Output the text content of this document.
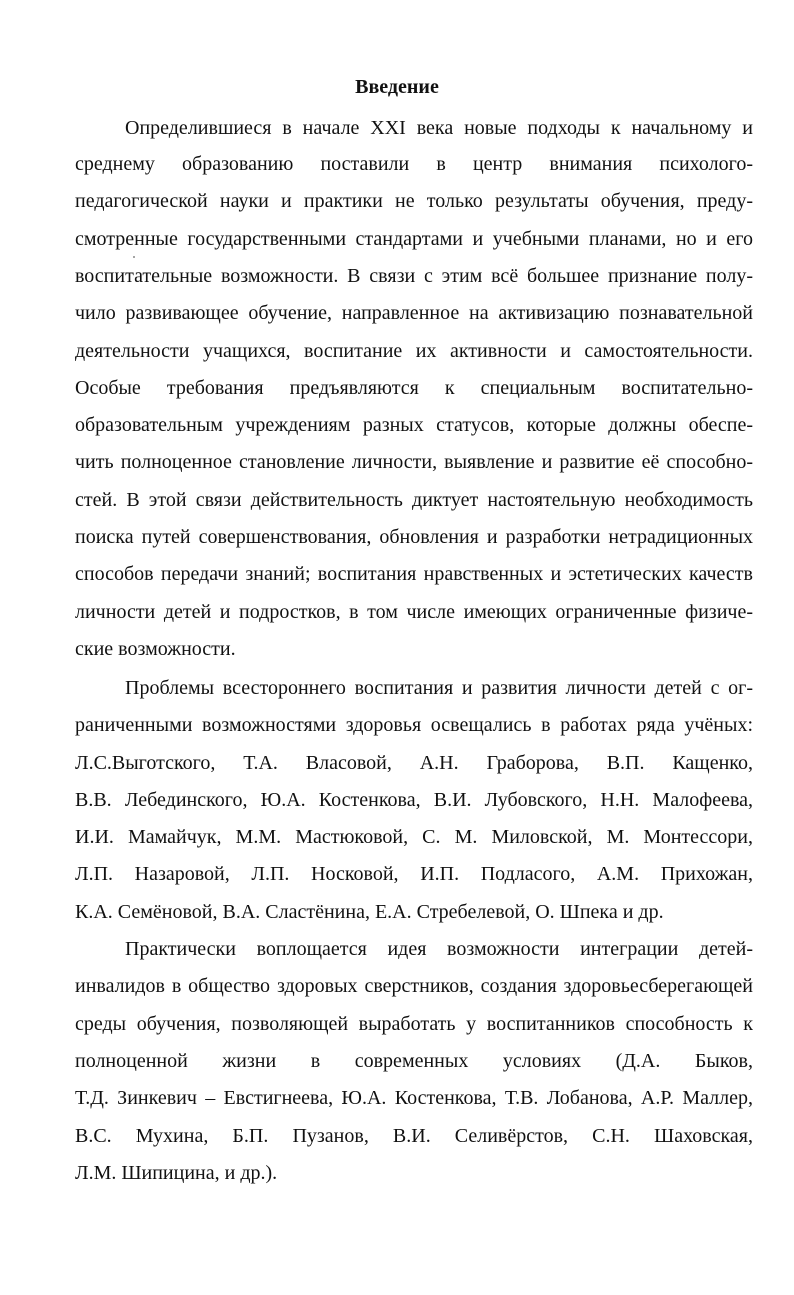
Введение
Определившиеся в начале XXI века новые подходы к начальному и
среднему образованию поставили в центр внимания психолого-
педагогической науки и практики не только результаты обучения, преду-
смотренные государственными стандартами и учебными планами, но и его
воспитательные возможности. В связи с этим всё большее признание полу-
чило развивающее обучение, направленное на активизацию познавательной
деятельности учащихся, воспитание их активности и самостоятельности.
Особые требования предъявляются к специальным воспитательно-
образовательным учреждениям разных статусов, которые должны обеспе-
чить полноценное становление личности, выявление и развитие её способно-
стей. В этой связи действительность диктует настоятельную необходимость
поиска путей совершенствования, обновления и разработки нетрадиционных
способов передачи знаний; воспитания нравственных и эстетических качеств
личности детей и подростков, в том числе имеющих ограниченные физиче-
ские возможности.
Проблемы всестороннего воспитания и развития личности детей с ог-
раниченными возможностями здоровья освещались в работах ряда учёных:
Л.С.Выготского, Т.А. Власовой, А.Н. Граборова, В.П. Кащенко,
В.В. Лебединского, Ю.А. Костенкова, В.И. Лубовского, Н.Н. Малофеева,
И.И. Мамайчук, М.М. Мастюковой, С. М. Миловской, М. Монтессори,
Л.П. Назаровой, Л.П. Носковой, И.П. Подласого, А.М. Прихожан,
К.А. Семёновой, В.А. Сластёнина, Е.А. Стребелевой, О. Шпека и др.
Практически воплощается идея возможности интеграции детей-
инвалидов в общество здоровых сверстников, создания здоровьесберегающей
среды обучения, позволяющей выработать у воспитанников способность к
полноценной жизни в современных условиях (Д.А. Быков,
Т.Д. Зинкевич – Евстигнеева, Ю.А. Костенкова, Т.В. Лобанова, А.Р. Маллер,
В.С. Мухина, Б.П. Пузанов, В.И. Селивёрстов, С.Н. Шаховская,
Л.М. Шипицина, и др.).
